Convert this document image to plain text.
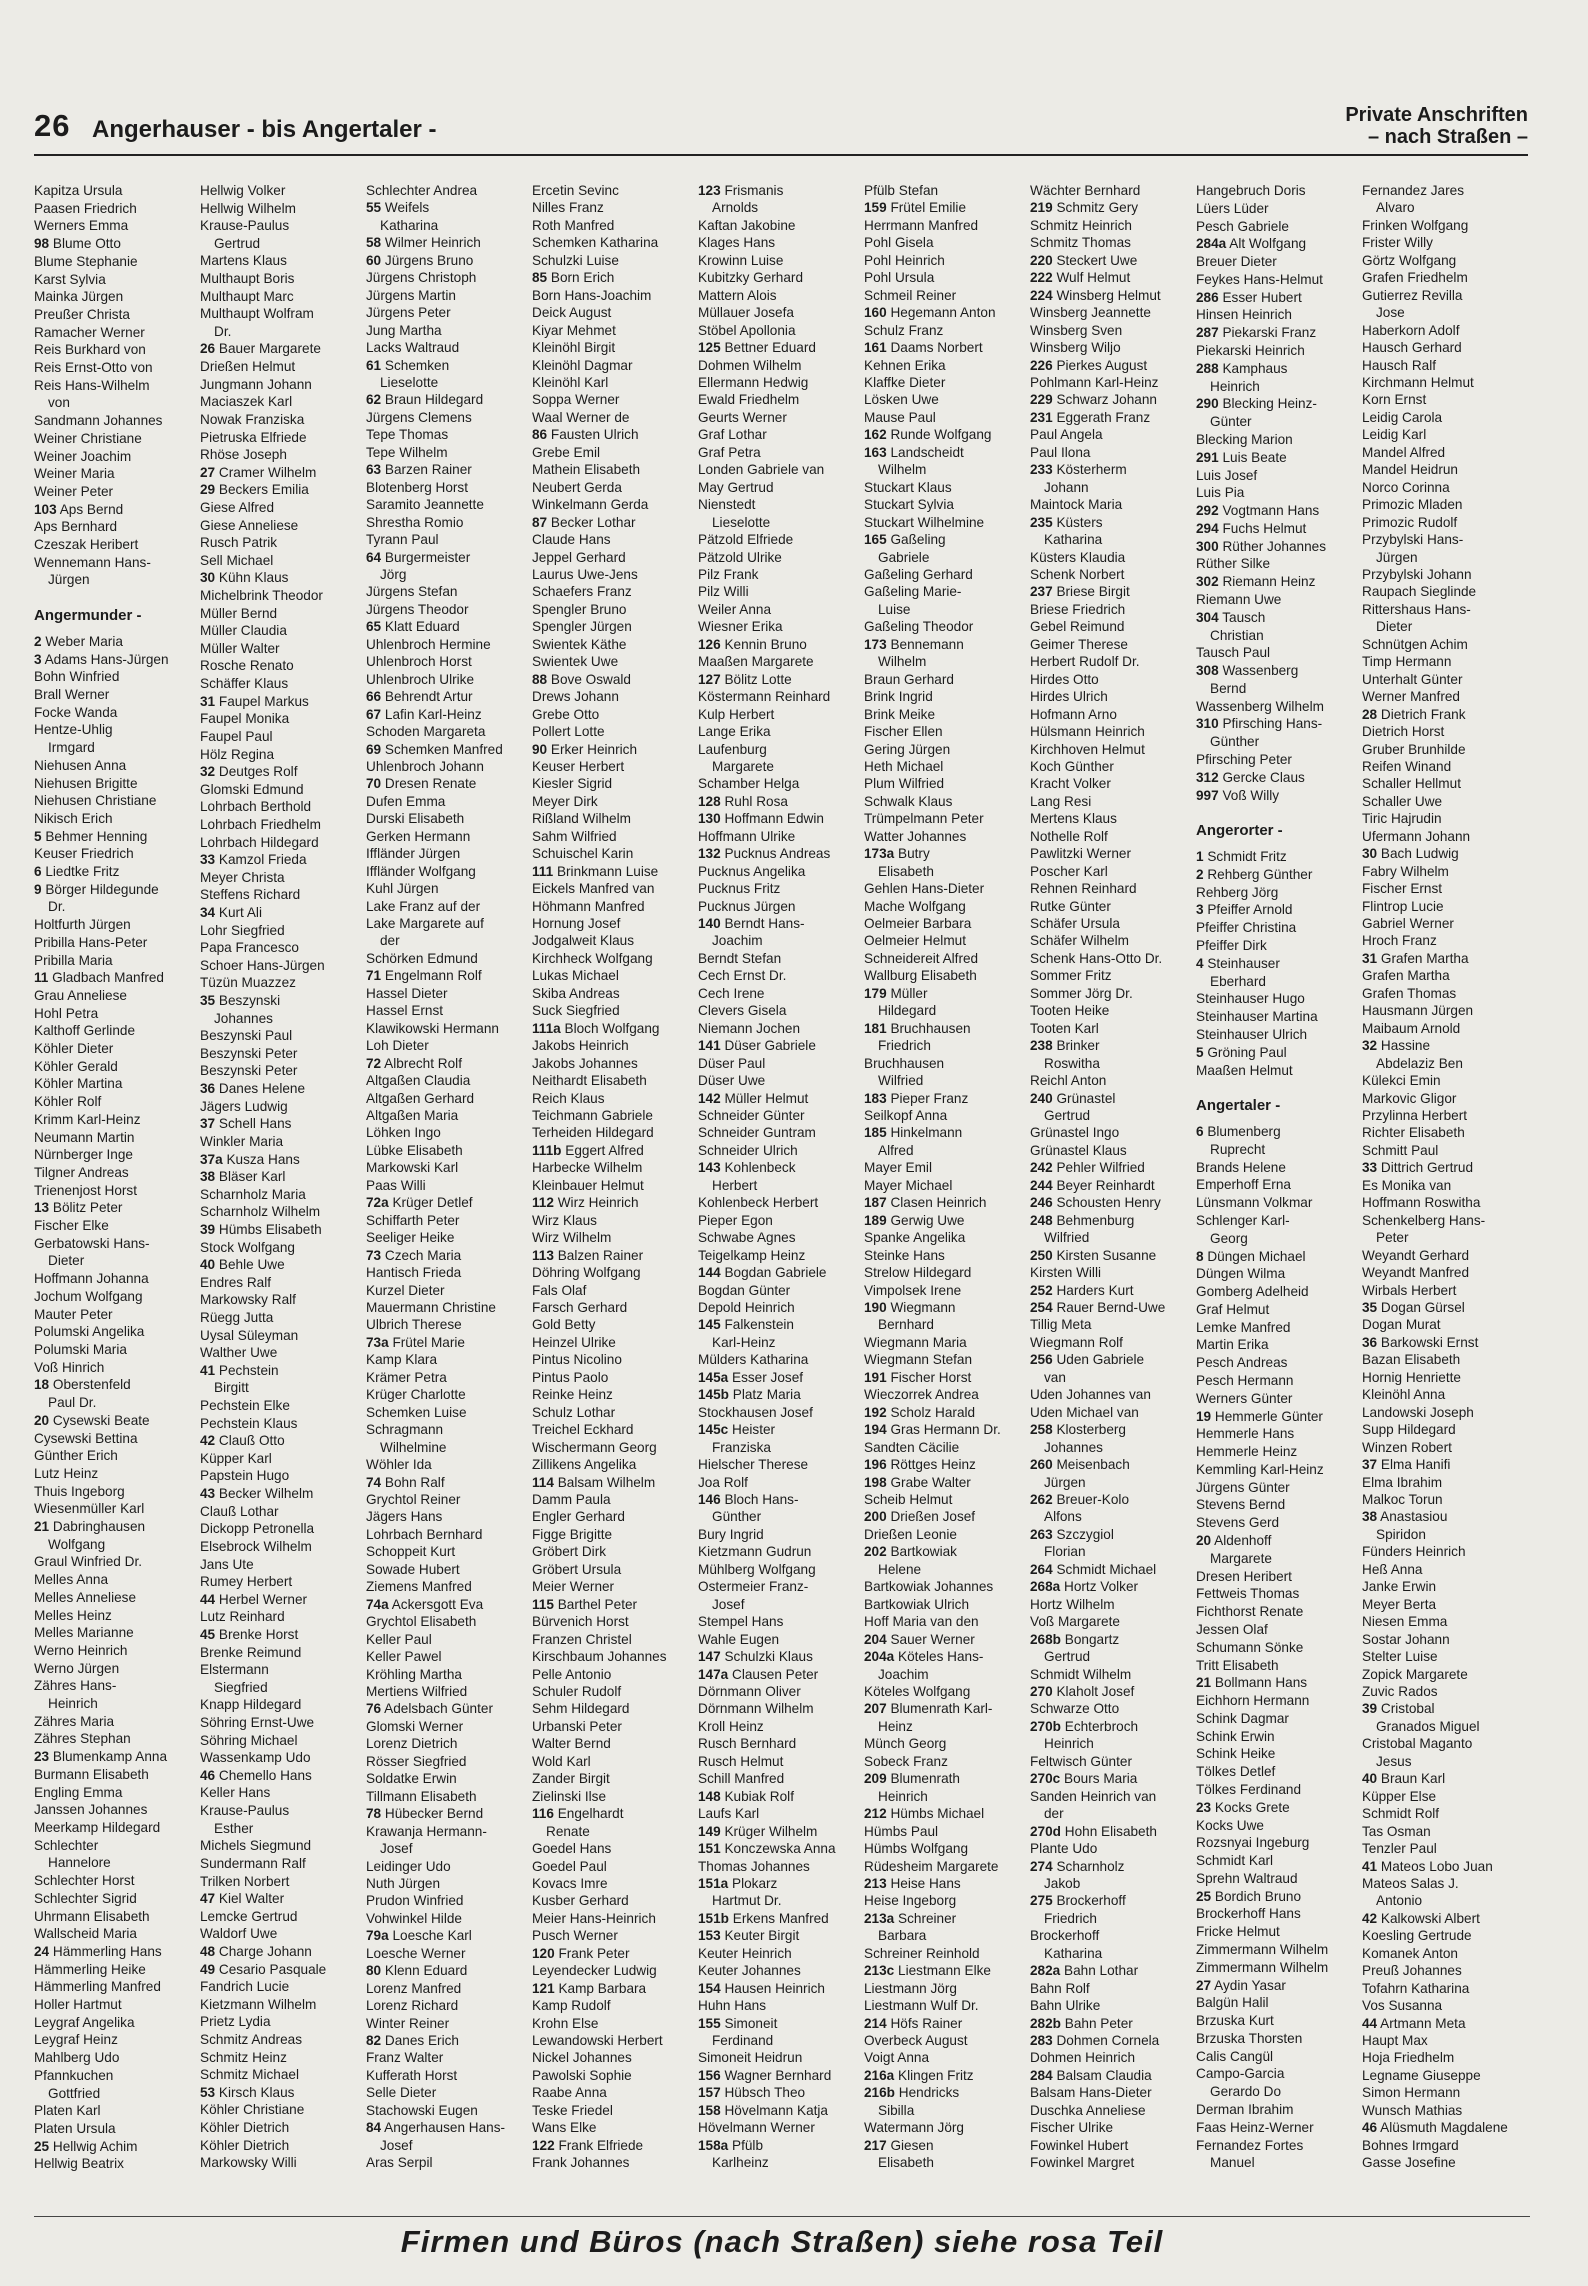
26 Angerhauser - bis Angertaler -
Private Anschriften
– nach Straßen –
Kapitza Ursula
Paasen Friedrich
Werners Emma
98 Blume Otto
Blume Stephanie
Karst Sylvia
Mainka Jürgen
Preußer Christa
Ramacher Werner
Reis Burkhard von
Reis Ernst-Otto von
Reis Hans-Wilhelm
von
Sandmann Johannes
Weiner Christiane
Weiner Joachim
Weiner Maria
Weiner Peter
103 Aps Bernd
Aps Bernhard
Czeszak Heribert
Wennemann Hans-
Jürgen
Angermunder -
2 Weber Maria
3 Adams Hans-Jürgen
Bohn Winfried
Brall Werner
Focke Wanda
Hentze-Uhlig
Irmgard
Niehusen Anna
Niehusen Brigitte
Niehusen Christiane
Nikisch Erich
5 Behmer Henning
Keuser Friedrich
6 Liedtke Fritz
9 Börger Hildegunde
Dr.
Holtfurth Jürgen
Pribilla Hans-Peter
Pribilla Maria
11 Gladbach Manfred
Grau Anneliese
Hohl Petra
Kalthoff Gerlinde
Köhler Dieter
Köhler Gerald
Köhler Martina
Köhler Rolf
Krimm Karl-Heinz
Neumann Martin
Nürnberger Inge
Tilgner Andreas
Trienenjost Horst
13 Bölitz Peter
Fischer Elke
Gerbatowski Hans-
Dieter
Hoffmann Johanna
Jochum Wolfgang
Mauter Peter
Polumski Angelika
Polumski Maria
Voß Hinrich
18 Oberstenfeld
Paul Dr.
20 Cysewski Beate
Cysewski Bettina
Günther Erich
Lutz Heinz
Thuis Ingeborg
Wiesenmüller Karl
21 Dabringhausen
Wolfgang
Graul Winfried Dr.
Melles Anna
Melles Anneliese
Melles Heinz
Melles Marianne
Werno Heinrich
Werno Jürgen
Zähres Hans-
Heinrich
Zähres Maria
Zähres Stephan
23 Blumenkamp Anna
Burmann Elisabeth
Engling Emma
Janssen Johannes
Meerkamp Hildegard
Schlechter
Hannelore
Schlechter Horst
Schlechter Sigrid
Uhrmann Elisabeth
Wallscheid Maria
24 Hämmerling Hans
Hämmerling Heike
Hämmerling Manfred
Holler Hartmut
Leygraf Angelika
Leygraf Heinz
Mahlberg Udo
Pfannkuchen
Gottfried
Platen Karl
Platen Ursula
25 Hellwig Achim
Hellwig Beatrix
Hellwig Volker
Hellwig Wilhelm
Krause-Paulus
Gertrud
Martens Klaus
Multhaupt Boris
Multhaupt Marc
Multhaupt Wolfram
Dr.
26 Bauer Margarete
Drießen Helmut
Jungmann Johann
Maciaszek Karl
Nowak Franziska
Pietruska Elfriede
Rhöse Joseph
27 Cramer Wilhelm
29 Beckers Emilia
Giese Alfred
Giese Anneliese
Rusch Patrik
Sell Michael
30 Kühn Klaus
Michelbrink Theodor
Müller Bernd
Müller Claudia
Müller Walter
Rosche Renato
Schäffer Klaus
31 Faupel Markus
Faupel Monika
Faupel Paul
Hölz Regina
32 Deutges Rolf
Glomski Edmund
Lohrbach Berthold
Lohrbach Friedhelm
Lohrbach Hildegard
33 Kamzol Frieda
Meyer Christa
Steffens Richard
34 Kurt Ali
Lohr Siegfried
Papa Francesco
Schoer Hans-Jürgen
Tüzün Muazzez
35 Beszynski
Johannes
Beszynski Paul
Beszynski Peter
Beszynski Peter
36 Danes Helene
Jägers Ludwig
37 Schell Hans
Winkler Maria
37a Kusza Hans
38 Bläser Karl
Scharnholz Maria
Scharnholz Wilhelm
39 Hümbs Elisabeth
Stock Wolfgang
40 Behle Uwe
Endres Ralf
Markowsky Ralf
Rüegg Jutta
Uysal Süleyman
Walther Uwe
41 Pechstein
Birgitt
Pechstein Elke
Pechstein Klaus
42 Clauß Otto
Küpper Karl
Papstein Hugo
43 Becker Wilhelm
Clauß Lothar
Dickopp Petronella
Elsebrock Wilhelm
Jans Ute
Rumey Herbert
44 Herbel Werner
Lutz Reinhard
45 Brenke Horst
Brenke Reimund
Elstermann
Siegfried
Knapp Hildegard
Söhring Ernst-Uwe
Söhring Michael
Wassenkamp Udo
46 Chemello Hans
Keller Hans
Krause-Paulus
Esther
Michels Siegmund
Sundermann Ralf
Trilken Norbert
47 Kiel Walter
Lemcke Gertrud
Waldorf Uwe
48 Charge Johann
49 Cesario Pasquale
Fandrich Lucie
Kietzmann Wilhelm
Prietz Lydia
Schmitz Andreas
Schmitz Heinz
Schmitz Michael
53 Kirsch Klaus
Köhler Christiane
Köhler Dietrich
Köhler Dietrich
Markowsky Willi
Schlechter Andrea
55 Weifels
Katharina
58 Wilmer Heinrich
60 Jürgens Bruno
Jürgens Christoph
Jürgens Martin
Jürgens Peter
Jung Martha
Lacks Waltraud
61 Schemken
Lieselotte
62 Braun Hildegard
Jürgens Clemens
Tepe Thomas
Tepe Wilhelm
63 Barzen Rainer
Blotenberg Horst
Saramito Jeannette
Shrestha Romio
Tyrann Paul
64 Burgermeister
Jörg
Jürgens Stefan
Jürgens Theodor
65 Klatt Eduard
Uhlenbroch Hermine
Uhlenbroch Horst
Uhlenbroch Ulrike
66 Behrendt Artur
67 Lafin Karl-Heinz
Schoden Margareta
69 Schemken Manfred
Uhlenbroch Johann
70 Dresen Renate
Dufen Emma
Durski Elisabeth
Gerken Hermann
Iffländer Jürgen
Iffländer Wolfgang
Kuhl Jürgen
Lake Franz auf der
Lake Margarete auf
der
Schörken Edmund
71 Engelmann Rolf
Hassel Dieter
Hassel Ernst
Klawikowski Hermann
Loh Dieter
72 Albrecht Rolf
Altgaßen Claudia
Altgaßen Gerhard
Altgaßen Maria
Löhken Ingo
Lübke Elisabeth
Markowski Karl
Paas Willi
72a Krüger Detlef
Schiffarth Peter
Seeliger Heike
73 Czech Maria
Hantisch Frieda
Kurzel Dieter
Mauermann Christine
Ulbrich Therese
73a Frütel Marie
Kamp Klara
Krämer Petra
Krüger Charlotte
Schemken Luise
Schragmann
Wilhelmine
Wöhler Ida
74 Bohn Ralf
Grychtol Reiner
Jägers Hans
Lohrbach Bernhard
Schoppeit Kurt
Sowade Hubert
Ziemens Manfred
74a Ackersgott Eva
Grychtol Elisabeth
Keller Paul
Keller Pawel
Kröhling Martha
Mertiens Wilfried
76 Adelsbach Günter
Glomski Werner
Lorenz Dietrich
Rösser Siegfried
Soldatke Erwin
Tillmann Elisabeth
78 Hübecker Bernd
Krawanja Hermann-
Josef
Leidinger Udo
Nuth Jürgen
Prudon Winfried
Vohwinkel Hilde
79a Loesche Karl
Loesche Werner
80 Klenn Eduard
Lorenz Manfred
Lorenz Richard
Winter Reiner
82 Danes Erich
Franz Walter
Kufferath Horst
Selle Dieter
Stachowski Eugen
84 Angerhausen Hans-
Josef
Aras Serpil
Ercetin Sevinc
Nilles Franz
Roth Manfred
Schemken Katharina
Schulzki Luise
85 Born Erich
Born Hans-Joachim
Deick August
Kiyar Mehmet
Kleinöhl Birgit
Kleinöhl Dagmar
Kleinöhl Karl
Soppa Werner
Waal Werner de
86 Fausten Ulrich
Grebe Emil
Mathein Elisabeth
Neubert Gerda
Winkelmann Gerda
87 Becker Lothar
Claude Hans
Jeppel Gerhard
Laurus Uwe-Jens
Schaefers Franz
Spengler Bruno
Spengler Jürgen
Swientek Käthe
Swientek Uwe
88 Bove Oswald
Drews Johann
Grebe Otto
Pollert Lotte
90 Erker Heinrich
Keuser Herbert
Kiesler Sigrid
Meyer Dirk
Rißland Wilhelm
Sahm Wilfried
Schuischel Karin
111 Brinkmann Luise
Eickels Manfred van
Höhmann Manfred
Hornung Josef
Jodgalweit Klaus
Kirchheck Wolfgang
Lukas Michael
Skiba Andreas
Suck Siegfried
111a Bloch Wolfgang
Jakobs Heinrich
Jakobs Johannes
Neithardt Elisabeth
Reich Klaus
Teichmann Gabriele
Terheiden Hildegard
111b Eggert Alfred
Harbecke Wilhelm
Kleinbauer Helmut
112 Wirz Heinrich
Wirz Klaus
Wirz Wilhelm
113 Balzen Rainer
Döhring Wolfgang
Fals Olaf
Farsch Gerhard
Gold Betty
Heinzel Ulrike
Pintus Nicolino
Pintus Paolo
Reinke Heinz
Schulz Lothar
Treichel Eckhard
Wischermann Georg
Zillikens Angelika
114 Balsam Wilhelm
Damm Paula
Engler Gerhard
Figge Brigitte
Gröbert Dirk
Gröbert Ursula
Meier Werner
115 Barthel Peter
Bürvenich Horst
Franzen Christel
Kirschbaum Johannes
Pelle Antonio
Schuler Rudolf
Sehm Hildegard
Urbanski Peter
Walter Bernd
Wold Karl
Zander Birgit
Zielinski Ilse
116 Engelhardt
Renate
Goedel Hans
Goedel Paul
Kovacs Imre
Kusber Gerhard
Meier Hans-Heinrich
Pusch Werner
120 Frank Peter
Leyendecker Ludwig
121 Kamp Barbara
Kamp Rudolf
Krohn Else
Lewandowski Herbert
Nickel Johannes
Pawolski Sophie
Raabe Anna
Teske Friedel
Wans Elke
122 Frank Elfriede
Frank Johannes
123 Frismanis
Arnolds
Kaftan Jakobine
Klages Hans
Krowinn Luise
Kubitzky Gerhard
Mattern Alois
Müllauer Josefa
Stöbel Apollonia
125 Bettner Eduard
Dohmen Wilhelm
Ellermann Hedwig
Ewald Friedhelm
Geurts Werner
Graf Lothar
Graf Petra
Londen Gabriele van
May Gertrud
Nienstedt
Lieselotte
Pätzold Elfriede
Pätzold Ulrike
Pilz Frank
Pilz Willi
Weiler Anna
Wiesner Erika
126 Kennin Bruno
Maaßen Margarete
127 Bölitz Lotte
Köstermann Reinhard
Kulp Herbert
Lange Erika
Laufenburg
Margarete
Schamber Helga
128 Ruhl Rosa
130 Hoffmann Edwin
Hoffmann Ulrike
132 Pucknus Andreas
Pucknus Angelika
Pucknus Fritz
Pucknus Jürgen
140 Berndt Hans-
Joachim
Berndt Stefan
Cech Ernst Dr.
Cech Irene
Clevers Gisela
Niemann Jochen
141 Düser Gabriele
Düser Paul
Düser Uwe
142 Müller Helmut
Schneider Günter
Schneider Guntram
Schneider Ulrich
143 Kohlenbeck
Herbert
Kohlenbeck Herbert
Pieper Egon
Schwabe Agnes
Teigelkamp Heinz
144 Bogdan Gabriele
Bogdan Günter
Depold Heinrich
145 Falkenstein
Karl-Heinz
Mülders Katharina
145a Esser Josef
145b Platz Maria
Stockhausen Josef
145c Heister
Franziska
Hielscher Therese
Joa Rolf
146 Bloch Hans-
Günther
Bury Ingrid
Kietzmann Gudrun
Mühlberg Wolfgang
Ostermeier Franz-
Josef
Stempel Hans
Wahle Eugen
147 Schulzki Klaus
147a Clausen Peter
Dörnmann Oliver
Dörnmann Wilhelm
Kroll Heinz
Rusch Bernhard
Rusch Helmut
Schill Manfred
148 Kubiak Rolf
Laufs Karl
149 Krüger Wilhelm
151 Konczewska Anna
Thomas Johannes
151a Plokarz
Hartmut Dr.
151b Erkens Manfred
153 Keuter Birgit
Keuter Heinrich
Keuter Johannes
154 Hausen Heinrich
Huhn Hans
155 Simoneit
Ferdinand
Simoneit Heidrun
156 Wagner Bernhard
157 Hübsch Theo
158 Hövelmann Katja
Hövelmann Werner
158a Pfülb
Karlheinz
Pfülb Stefan
159 Frütel Emilie
Herrmann Manfred
Pohl Gisela
Pohl Heinrich
Pohl Ursula
Schmeil Reiner
160 Hegemann Anton
Schulz Franz
161 Daams Norbert
Kehnen Erika
Klaffke Dieter
Lösken Uwe
Mause Paul
162 Runde Wolfgang
163 Landscheidt
Wilhelm
Stuckart Klaus
Stuckart Sylvia
Stuckart Wilhelmine
165 Gaßeling
Gabriele
Gaßeling Gerhard
Gaßeling Marie-
Luise
Gaßeling Theodor
173 Bennemann
Wilhelm
Braun Gerhard
Brink Ingrid
Brink Meike
Fischer Ellen
Gering Jürgen
Heth Michael
Plum Wilfried
Schwalk Klaus
Trümpelmann Peter
Watter Johannes
173a Butry
Elisabeth
Gehlen Hans-Dieter
Mache Wolfgang
Oelmeier Barbara
Oelmeier Helmut
Schneidereit Alfred
Wallburg Elisabeth
179 Müller
Hildegard
181 Bruchhausen
Friedrich
Bruchhausen
Wilfried
183 Pieper Franz
Seilkopf Anna
185 Hinkelmann
Alfred
Mayer Emil
Mayer Michael
187 Clasen Heinrich
189 Gerwig Uwe
Spanke Angelika
Steinke Hans
Strelow Hildegard
Vimpolsek Irene
190 Wiegmann
Bernhard
Wiegmann Maria
Wiegmann Stefan
191 Fischer Horst
Wieczorrek Andrea
192 Scholz Harald
194 Gras Hermann Dr.
Sandten Cäcilie
196 Röttges Heinz
198 Grabe Walter
Scheib Helmut
200 Drießen Josef
Drießen Leonie
202 Bartkowiak
Helene
Bartkowiak Johannes
Bartkowiak Ulrich
Hoff Maria van den
204 Sauer Werner
204a Köteles Hans-
Joachim
Köteles Wolfgang
207 Blumenrath Karl-
Heinz
Münch Georg
Sobeck Franz
209 Blumenrath
Heinrich
212 Hümbs Michael
Hümbs Paul
Hümbs Wolfgang
Rüdesheim Margarete
213 Heise Hans
Heise Ingeborg
213a Schreiner
Barbara
Schreiner Reinhold
213c Liestmann Elke
Liestmann Jörg
Liestmann Wulf Dr.
214 Höfs Rainer
Overbeck August
Voigt Anna
216a Klingen Fritz
216b Hendricks
Sibilla
Watermann Jörg
217 Giesen
Elisabeth
Wächter Bernhard
219 Schmitz Gery
Schmitz Heinrich
Schmitz Thomas
220 Steckert Uwe
222 Wulf Helmut
224 Winsberg Helmut
Winsberg Jeannette
Winsberg Sven
Winsberg Wiljo
226 Pierkes August
Pohlmann Karl-Heinz
229 Schwarz Johann
231 Eggerath Franz
Paul Angela
Paul Ilona
233 Kösterherm
Johann
Maintock Maria
235 Küsters
Katharina
Küsters Klaudia
Schenk Norbert
237 Briese Birgit
Briese Friedrich
Gebel Reimund
Geimer Therese
Herbert Rudolf Dr.
Hirdes Otto
Hirdes Ulrich
Hofmann Arno
Hülsmann Heinrich
Kirchhoven Helmut
Koch Günther
Kracht Volker
Lang Resi
Mertens Klaus
Nothelle Rolf
Pawlitzki Werner
Poscher Karl
Rehnen Reinhard
Rutke Günter
Schäfer Ursula
Schäfer Wilhelm
Schenk Hans-Otto Dr.
Sommer Fritz
Sommer Jörg Dr.
Tooten Heike
Tooten Karl
238 Brinker
Roswitha
Reichl Anton
240 Grünastel
Gertrud
Grünastel Ingo
Grünastel Klaus
242 Pehler Wilfried
244 Beyer Reinhardt
246 Schousten Henry
248 Behmenburg
Wilfried
250 Kirsten Susanne
Kirsten Willi
252 Harders Kurt
254 Rauer Bernd-Uwe
Tillig Meta
Wiegmann Rolf
256 Uden Gabriele
van
Uden Johannes van
Uden Michael van
258 Klosterberg
Johannes
260 Meisenbach
Jürgen
262 Breuer-Kolo
Alfons
263 Szczygiol
Florian
264 Schmidt Michael
268a Hortz Volker
Hortz Wilhelm
Voß Margarete
268b Bongartz
Gertrud
Schmidt Wilhelm
270 Klaholt Josef
Schwarze Otto
270b Echterbroch
Heinrich
Feltwisch Günter
270c Bours Maria
Sanden Heinrich van
der
270d Hohn Elisabeth
Plante Udo
274 Scharnholz
Jakob
275 Brockerhoff
Friedrich
Brockerhoff
Katharina
282a Bahn Lothar
Bahn Rolf
Bahn Ulrike
282b Bahn Peter
283 Dohmen Cornela
Dohmen Heinrich
284 Balsam Claudia
Balsam Hans-Dieter
Duschka Anneliese
Fischer Ulrike
Fowinkel Hubert
Fowinkel Margret
Hangebruch Doris
Lüers Lüder
Pesch Gabriele
284a Alt Wolfgang
Breuer Dieter
Feykes Hans-Helmut
286 Esser Hubert
Hinsen Heinrich
287 Piekarski Franz
Piekarski Heinrich
288 Kamphaus
Heinrich
290 Blecking Heinz-
Günter
Blecking Marion
291 Luis Beate
Luis Josef
Luis Pia
292 Vogtmann Hans
294 Fuchs Helmut
300 Rüther Johannes
Rüther Silke
302 Riemann Heinz
Riemann Uwe
304 Tausch
Christian
Tausch Paul
308 Wassenberg
Bernd
Wassenberg Wilhelm
310 Pfirsching Hans-
Günther
Pfirsching Peter
312 Gercke Claus
997 Voß Willy
Angerorter -
1 Schmidt Fritz
2 Rehberg Günther
Rehberg Jörg
3 Pfeiffer Arnold
Pfeiffer Christina
Pfeiffer Dirk
4 Steinhauser
Eberhard
Steinhauser Hugo
Steinhauser Martina
Steinhauser Ulrich
5 Gröning Paul
Maaßen Helmut
Angertaler -
6 Blumenberg
Ruprecht
Brands Helene
Emperhoff Erna
Lünsmann Volkmar
Schlenger Karl-
Georg
8 Düngen Michael
Düngen Wilma
Gomberg Adelheid
Graf Helmut
Lemke Manfred
Martin Erika
Pesch Andreas
Pesch Hermann
Werners Günter
19 Hemmerle Günter
Hemmerle Hans
Hemmerle Heinz
Kemmling Karl-Heinz
Jürgens Günter
Stevens Bernd
Stevens Gerd
20 Aldenhoff
Margarete
Dresen Heribert
Fettweis Thomas
Fichthorst Renate
Jessen Olaf
Schumann Sönke
Tritt Elisabeth
21 Bollmann Hans
Eichhorn Hermann
Schink Dagmar
Schink Erwin
Schink Heike
Tölkes Detlef
Tölkes Ferdinand
23 Kocks Grete
Kocks Uwe
Rozsnyai Ingeburg
Schmidt Karl
Sprehn Waltraud
25 Bordich Bruno
Brockerhoff Hans
Fricke Helmut
Zimmermann Wilhelm
Zimmermann Wilhelm
27 Aydin Yasar
Balgün Halil
Brzuska Kurt
Brzuska Thorsten
Calis Cangül
Campo-Garcia
Gerardo Do
Derman Ibrahim
Faas Heinz-Werner
Fernandez Fortes
Manuel
Fernandez Jares
Alvaro
Frinken Wolfgang
Frister Willy
Görtz Wolfgang
Grafen Friedhelm
Gutierrez Revilla
Jose
Haberkorn Adolf
Hausch Gerhard
Hausch Ralf
Kirchmann Helmut
Korn Ernst
Leidig Carola
Leidig Karl
Mandel Alfred
Mandel Heidrun
Norco Corinna
Primozic Mladen
Primozic Rudolf
Przybylski Hans-
Jürgen
Przybylski Johann
Raupach Sieglinde
Rittershaus Hans-
Dieter
Schnütgen Achim
Timp Hermann
Unterhalt Günter
Werner Manfred
28 Dietrich Frank
Dietrich Horst
Gruber Brunhilde
Reifen Winand
Schaller Hellmut
Schaller Uwe
Tiric Hajrudin
Ufermann Johann
30 Bach Ludwig
Fabry Wilhelm
Fischer Ernst
Flintrop Lucie
Gabriel Werner
Hroch Franz
31 Grafen Martha
Grafen Martha
Grafen Thomas
Hausmann Jürgen
Maibaum Arnold
32 Hassine
Abdelaziz Ben
Külekci Emin
Markovic Gligor
Przylinna Herbert
Richter Elisabeth
Schmitt Paul
33 Dittrich Gertrud
Es Monika van
Hoffmann Roswitha
Schenkelberg Hans-
Peter
Weyandt Gerhard
Weyandt Manfred
Wirbals Herbert
35 Dogan Gürsel
Dogan Murat
36 Barkowski Ernst
Bazan Elisabeth
Hornig Henriette
Kleinöhl Anna
Landowski Joseph
Supp Hildegard
Winzen Robert
37 Elma Hanifi
Elma Ibrahim
Malkoc Torun
38 Anastasiou
Spiridon
Fünders Heinrich
Heß Anna
Janke Erwin
Meyer Berta
Niesen Emma
Sostar Johann
Stelter Luise
Zopick Margarete
Zuvic Rados
39 Cristobal
Granados Miguel
Cristobal Maganto
Jesus
40 Braun Karl
Küpper Else
Schmidt Rolf
Tas Osman
Tenzler Paul
41 Mateos Lobo Juan
Mateos Salas J.
Antonio
42 Kalkowski Albert
Koesling Gertrude
Komanek Anton
Preuß Johannes
Tofahrn Katharina
Vos Susanna
44 Artmann Meta
Haupt Max
Hoja Friedhelm
Legname Giuseppe
Simon Hermann
Wunsch Mathias
46 Alüsmuth Magdalene
Bohnes Irmgard
Gasse Josefine
Firmen und Büros (nach Straßen) siehe rosa Teil
